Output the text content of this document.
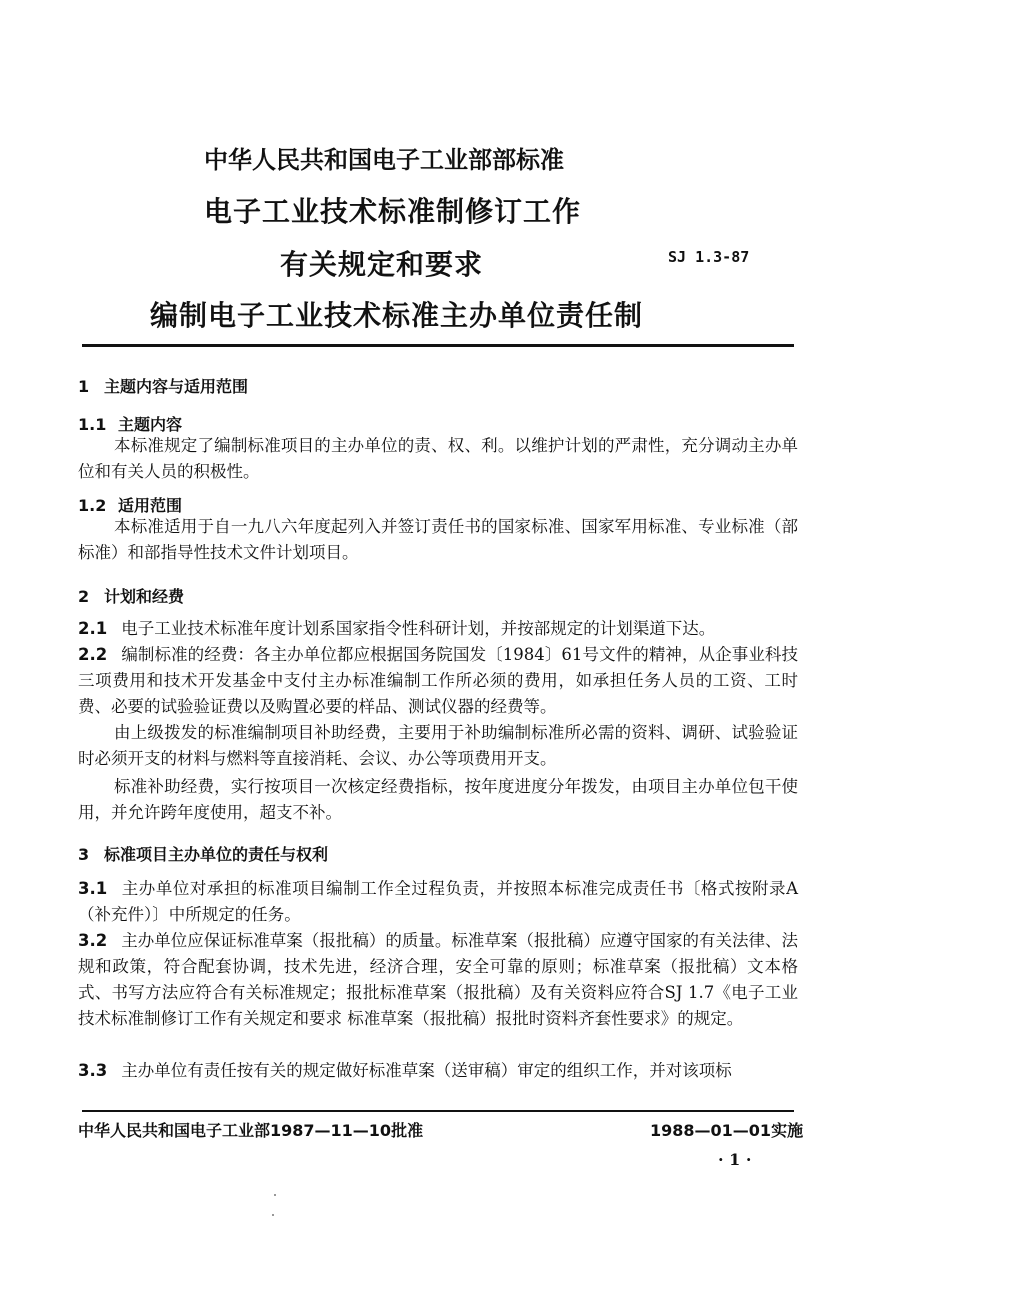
中华人民共和国电子工业部部标准
电子工业技术标准制修订工作
有关规定和要求	SJ 1.3-87
编制电子工业技术标准主办单位责任制
1 主题内容与适用范围
1.1 主题内容
本标准规定了编制标准项目的主办单位的责、权、利。以维护计划的严肃性，充分调动主办单位和有关人员的积极性。
1.2 适用范围
本标准适用于自一九八六年度起列入并签订责任书的国家标准、国家军用标准、专业标准（部标准）和部指导性技术文件计划项目。
2 计划和经费
2.1 电子工业技术标准年度计划系国家指令性科研计划，并按部规定的计划渠道下达。
2.2 编制标准的经费：各主办单位都应根据国务院国发〔1984〕61号文件的精神，从企事业科技三项费用和技术开发基金中支付主办标准编制工作所必须的费用，如承担任务人员的工资、工时费、必要的试验验证费以及购置必要的样品、测试仪器的经费等。
由上级拨发的标准编制项目补助经费，主要用于补助编制标准所必需的资料、调研、试验验证时必须开支的材料与燃料等直接消耗、会议、办公等项费用开支。
标准补助经费，实行按项目一次核定经费指标，按年度进度分年拨发，由项目主办单位包干使用，并允许跨年度使用，超支不补。
3 标准项目主办单位的责任与权利
3.1 主办单位对承担的标准项目编制工作全过程负责，并按照本标准完成责任书〔格式按附录A（补充件）〕中所规定的任务。
3.2 主办单位应保证标准草案（报批稿）的质量。标准草案（报批稿）应遵守国家的有关法律、法规和政策，符合配套协调，技术先进，经济合理，安全可靠的原则；标准草案（报批稿）文本格式、书写方法应符合有关标准规定；报批标准草案（报批稿）及有关资料应符合SJ 1.7《电子工业技术标准制修订工作有关规定和要求 标准草案（报批稿）报批时资料齐套性要求》的规定。
3.3 主办单位有责任按有关的规定做好标准草案（送审稿）审定的组织工作，并对该项标
中华人民共和国电子工业部1987—11—10批准	1988—01—01实施
· 1 ·
